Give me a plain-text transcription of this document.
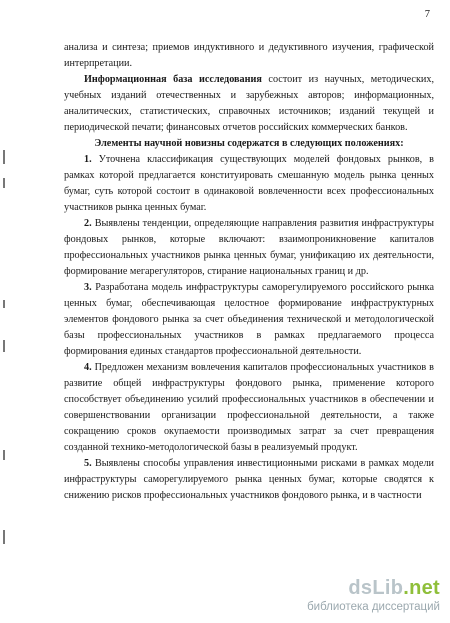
7

анализа и синтеза; приемов индуктивного и дедуктивного изучения, графической интерпретации.

Информационная база исследования состоит из научных, методических, учебных изданий отечественных и зарубежных авторов; информационных, аналитических, статистических, справочных источников; изданий текущей и периодической печати; финансовых отчетов российских коммерческих банков.

Элементы научной новизны содержатся в следующих положениях:

1. Уточнена классификация существующих моделей фондовых рынков, в рамках которой предлагается конституировать смешанную модель рынка ценных бумаг, суть которой состоит в одинаковой вовлеченности всех профессиональных участников рынка ценных бумаг.

2. Выявлены тенденции, определяющие направления развития инфраструктуры фондовых рынков, которые включают: взаимопроникновение капиталов профессиональных участников рынка ценных бумаг, унификацию их деятельности, формирование мегарегуляторов, стирание национальных границ и др.

3. Разработана модель инфраструктуры саморегулируемого российского рынка ценных бумаг, обеспечивающая целостное формирование инфраструктурных элементов фондового рынка за счет объединения технической и методологической базы профессиональных участников в рамках предлагаемого процесса формирования единых стандартов профессиональной деятельности.

4. Предложен механизм вовлечения капиталов профессиональных участников в развитие общей инфраструктуры фондового рынка, применение которого способствует объединению усилий профессиональных участников в обеспечении и совершенствовании организации профессиональной деятельности, а также сокращению сроков окупаемости производимых затрат за счет превращения созданной технико-методологической базы в реализуемый продукт.

5. Выявлены способы управления инвестиционными рисками в рамках модели инфраструктуры саморегулируемого рынка ценных бумаг, которые сводятся к снижению рисков профессиональных участников фондового рынка, и в частности

dsLib.net
библиотека диссертаций
